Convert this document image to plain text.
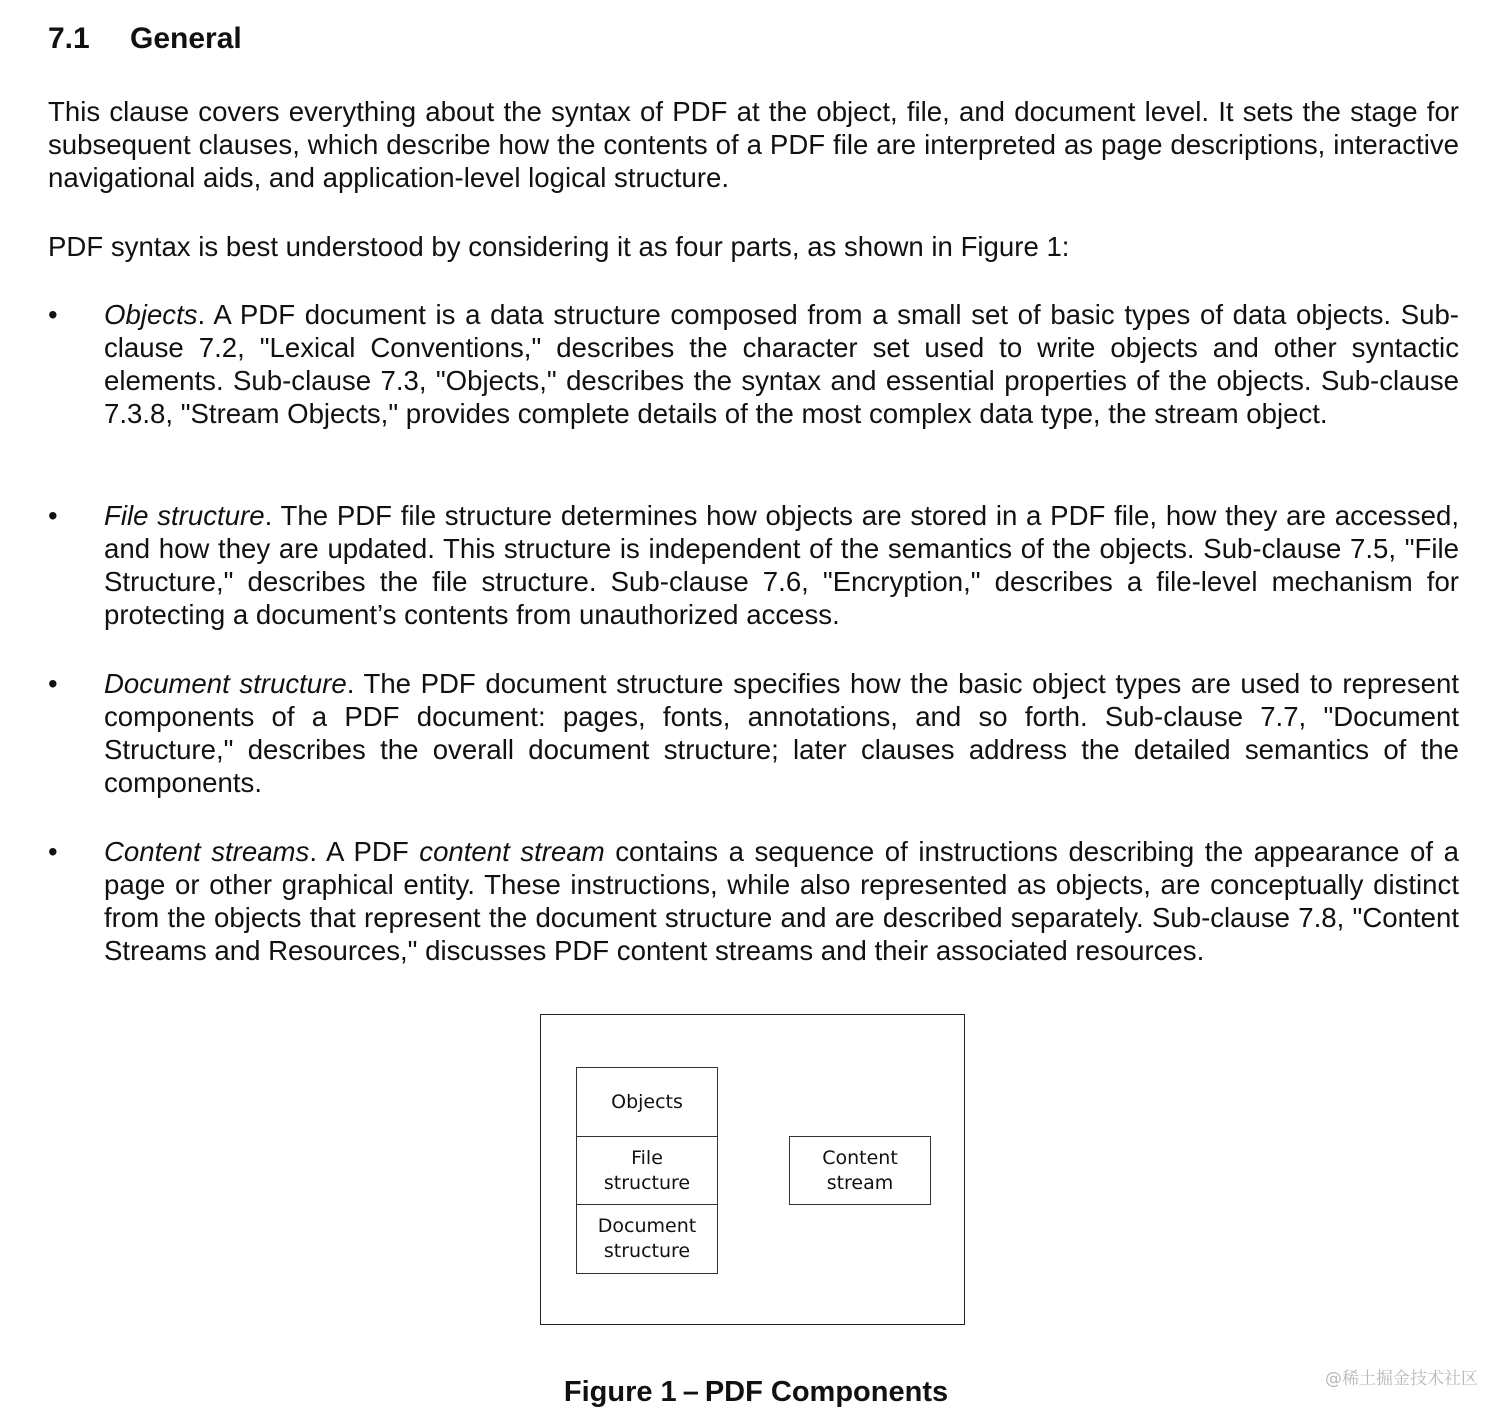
7.1 General

This clause covers everything about the syntax of PDF at the object, file, and document level. It sets the stage for subsequent clauses, which describe how the contents of a PDF file are interpreted as page descriptions, interactive navigational aids, and application-level logical structure.

PDF syntax is best understood by considering it as four parts, as shown in Figure 1:

• Objects. A PDF document is a data structure composed from a small set of basic types of data objects. Sub-clause 7.2, "Lexical Conventions," describes the character set used to write objects and other syntactic elements. Sub-clause 7.3, "Objects," describes the syntax and essential properties of the objects. Sub-clause 7.3.8, "Stream Objects," provides complete details of the most complex data type, the stream object.
• File structure. The PDF file structure determines how objects are stored in a PDF file, how they are accessed, and how they are updated. This structure is independent of the semantics of the objects. Sub-clause 7.5, "File Structure," describes the file structure. Sub-clause 7.6, "Encryption," describes a file-level mechanism for protecting a document’s contents from unauthorized access.
• Document structure. The PDF document structure specifies how the basic object types are used to represent components of a PDF document: pages, fonts, annotations, and so forth. Sub-clause 7.7, "Document Structure," describes the overall document structure; later clauses address the detailed semantics of the components.
• Content streams. A PDF content stream contains a sequence of instructions describing the appearance of a page or other graphical entity. These instructions, while also represented as objects, are conceptually distinct from the objects that represent the document structure and are described separately. Sub-clause 7.8, "Content Streams and Resources," discusses PDF content streams and their associated resources.
Objects
File
structure
Document
structure
Content
stream
Figure 1 – PDF Components	@稀土掘金技术社区
